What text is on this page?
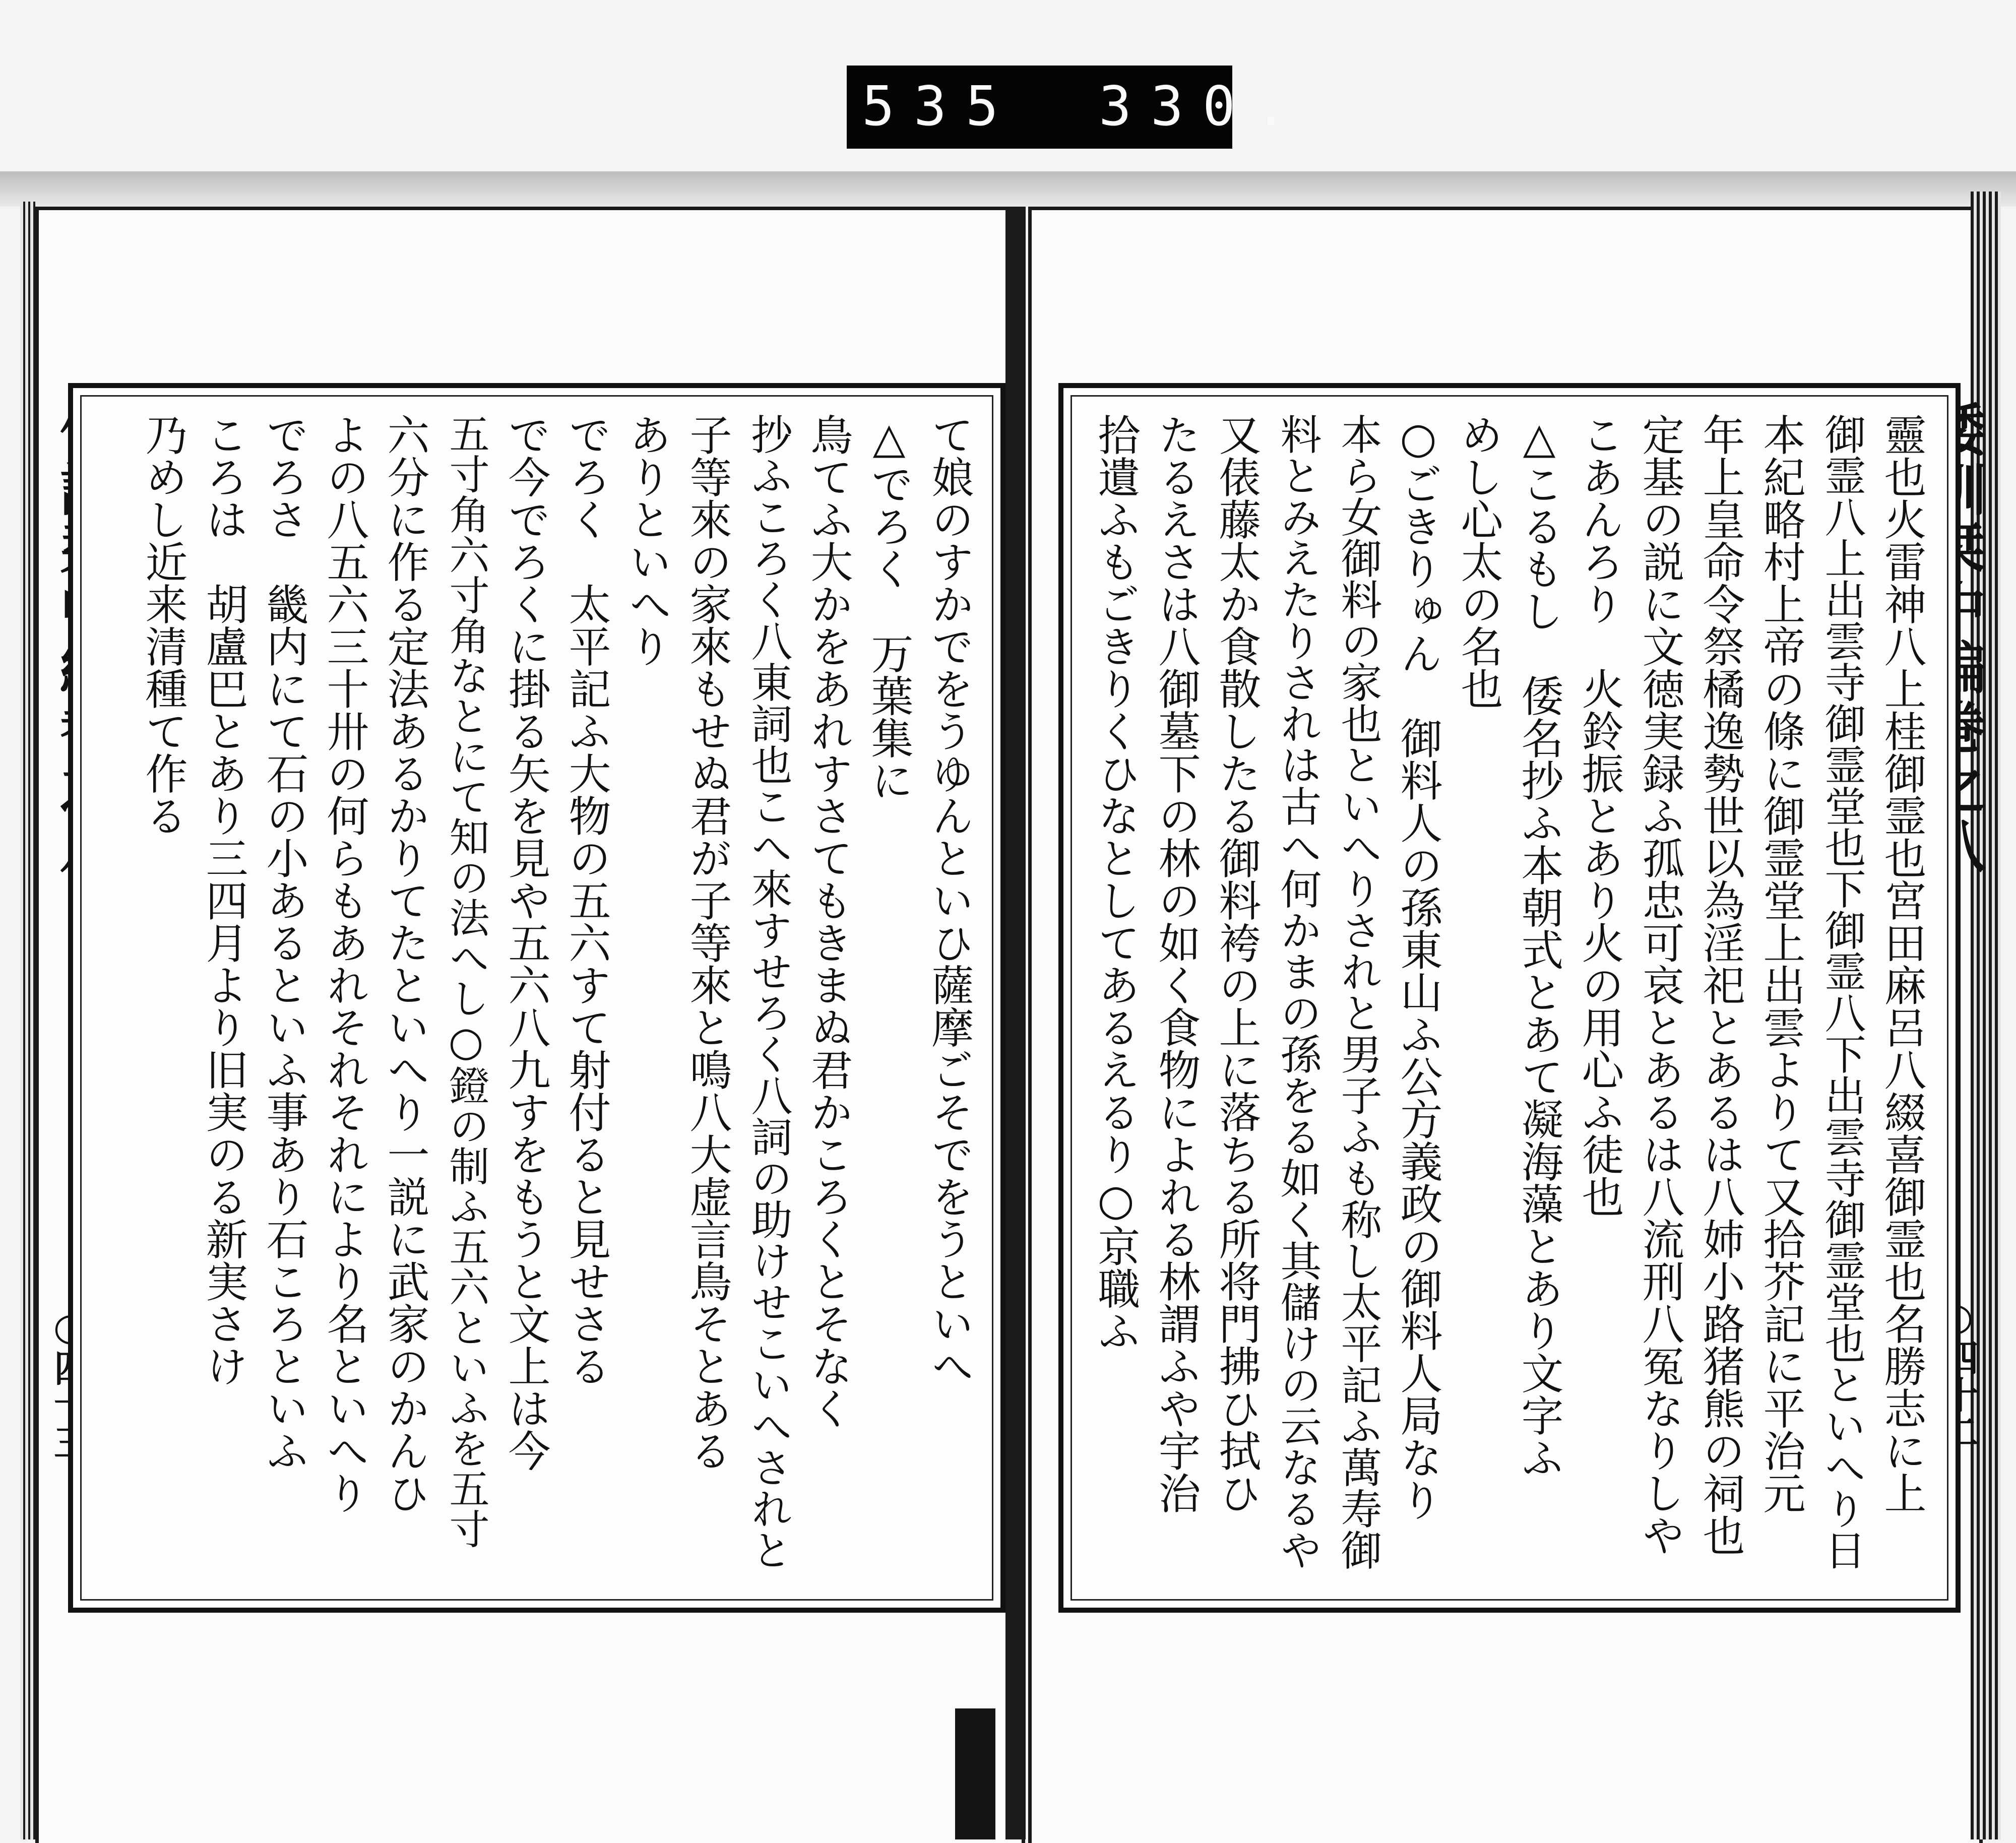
535 330.
て娘のすかでをうゆんといひ薩摩ごそでをうといへ
△でろく　万葉集に
鳥てふ大かをあれすさてもきまぬ君かころくとそなく
抄ふころく八東詞也こへ來すせろく八詞の助けせこいへされと
子等來の家來もせぬ君が子等來と鳴八大虚言鳥そとある
ありといへり
でろく　太平記ふ大物の五六すて射付ると見せさる
で今でろくに掛る矢を見や五六八九すをもうと文上は今
五寸角六寸角なとにて知の法へし○鐙の制ふ五六といふを五寸
六分に作る定法あるかりてたといへり一説に武家のかんひ
よの八五六三十卅の何らもあれそれそれにより名といへり
でろさ　畿内にて石の小あるといふ事あり石ころといふ
ころは　胡盧巴とあり三四月より旧実のる新実さけ
乃めし近来清種て作る	靈也火雷神八上桂御霊也宮田麻呂八綴喜御霊也名勝志に上
御霊八上出雲寺御霊堂也下御霊八下出雲寺御霊堂也といへり日
本紀略村上帝の條に御霊堂上出雲よりて又拾芥記に平治元
年上皇命令祭橘逸勢世以為淫祀とあるは八姉小路猪熊の祠也
定基の説に文徳実録ふ孤忠可哀とあるは八流刑八冤なりしや
こあんろり　火鈴振とあり火の用心ふ徒也
△こるもし　倭名抄ふ本朝式とあて凝海藻とあり文字ふ
めし心太の名也
○ごきりゅん　御料人の孫東山ふ公方義政の御料人局なり
本ら女御料の家也といへりされと男子ふも称し太平記ふ萬寿御
料とみえたりされは古へ何かまの孫をる如く其儲けの云なるや
又俵藤太か食散したる御料袴の上に落ちる所将門拂ひ拭ひ
たるえさは八御墓下の林の如く食物によれる林謂ふや宇治
拾遺ふもごきりくひなとしてあるえるり○京職ふ
